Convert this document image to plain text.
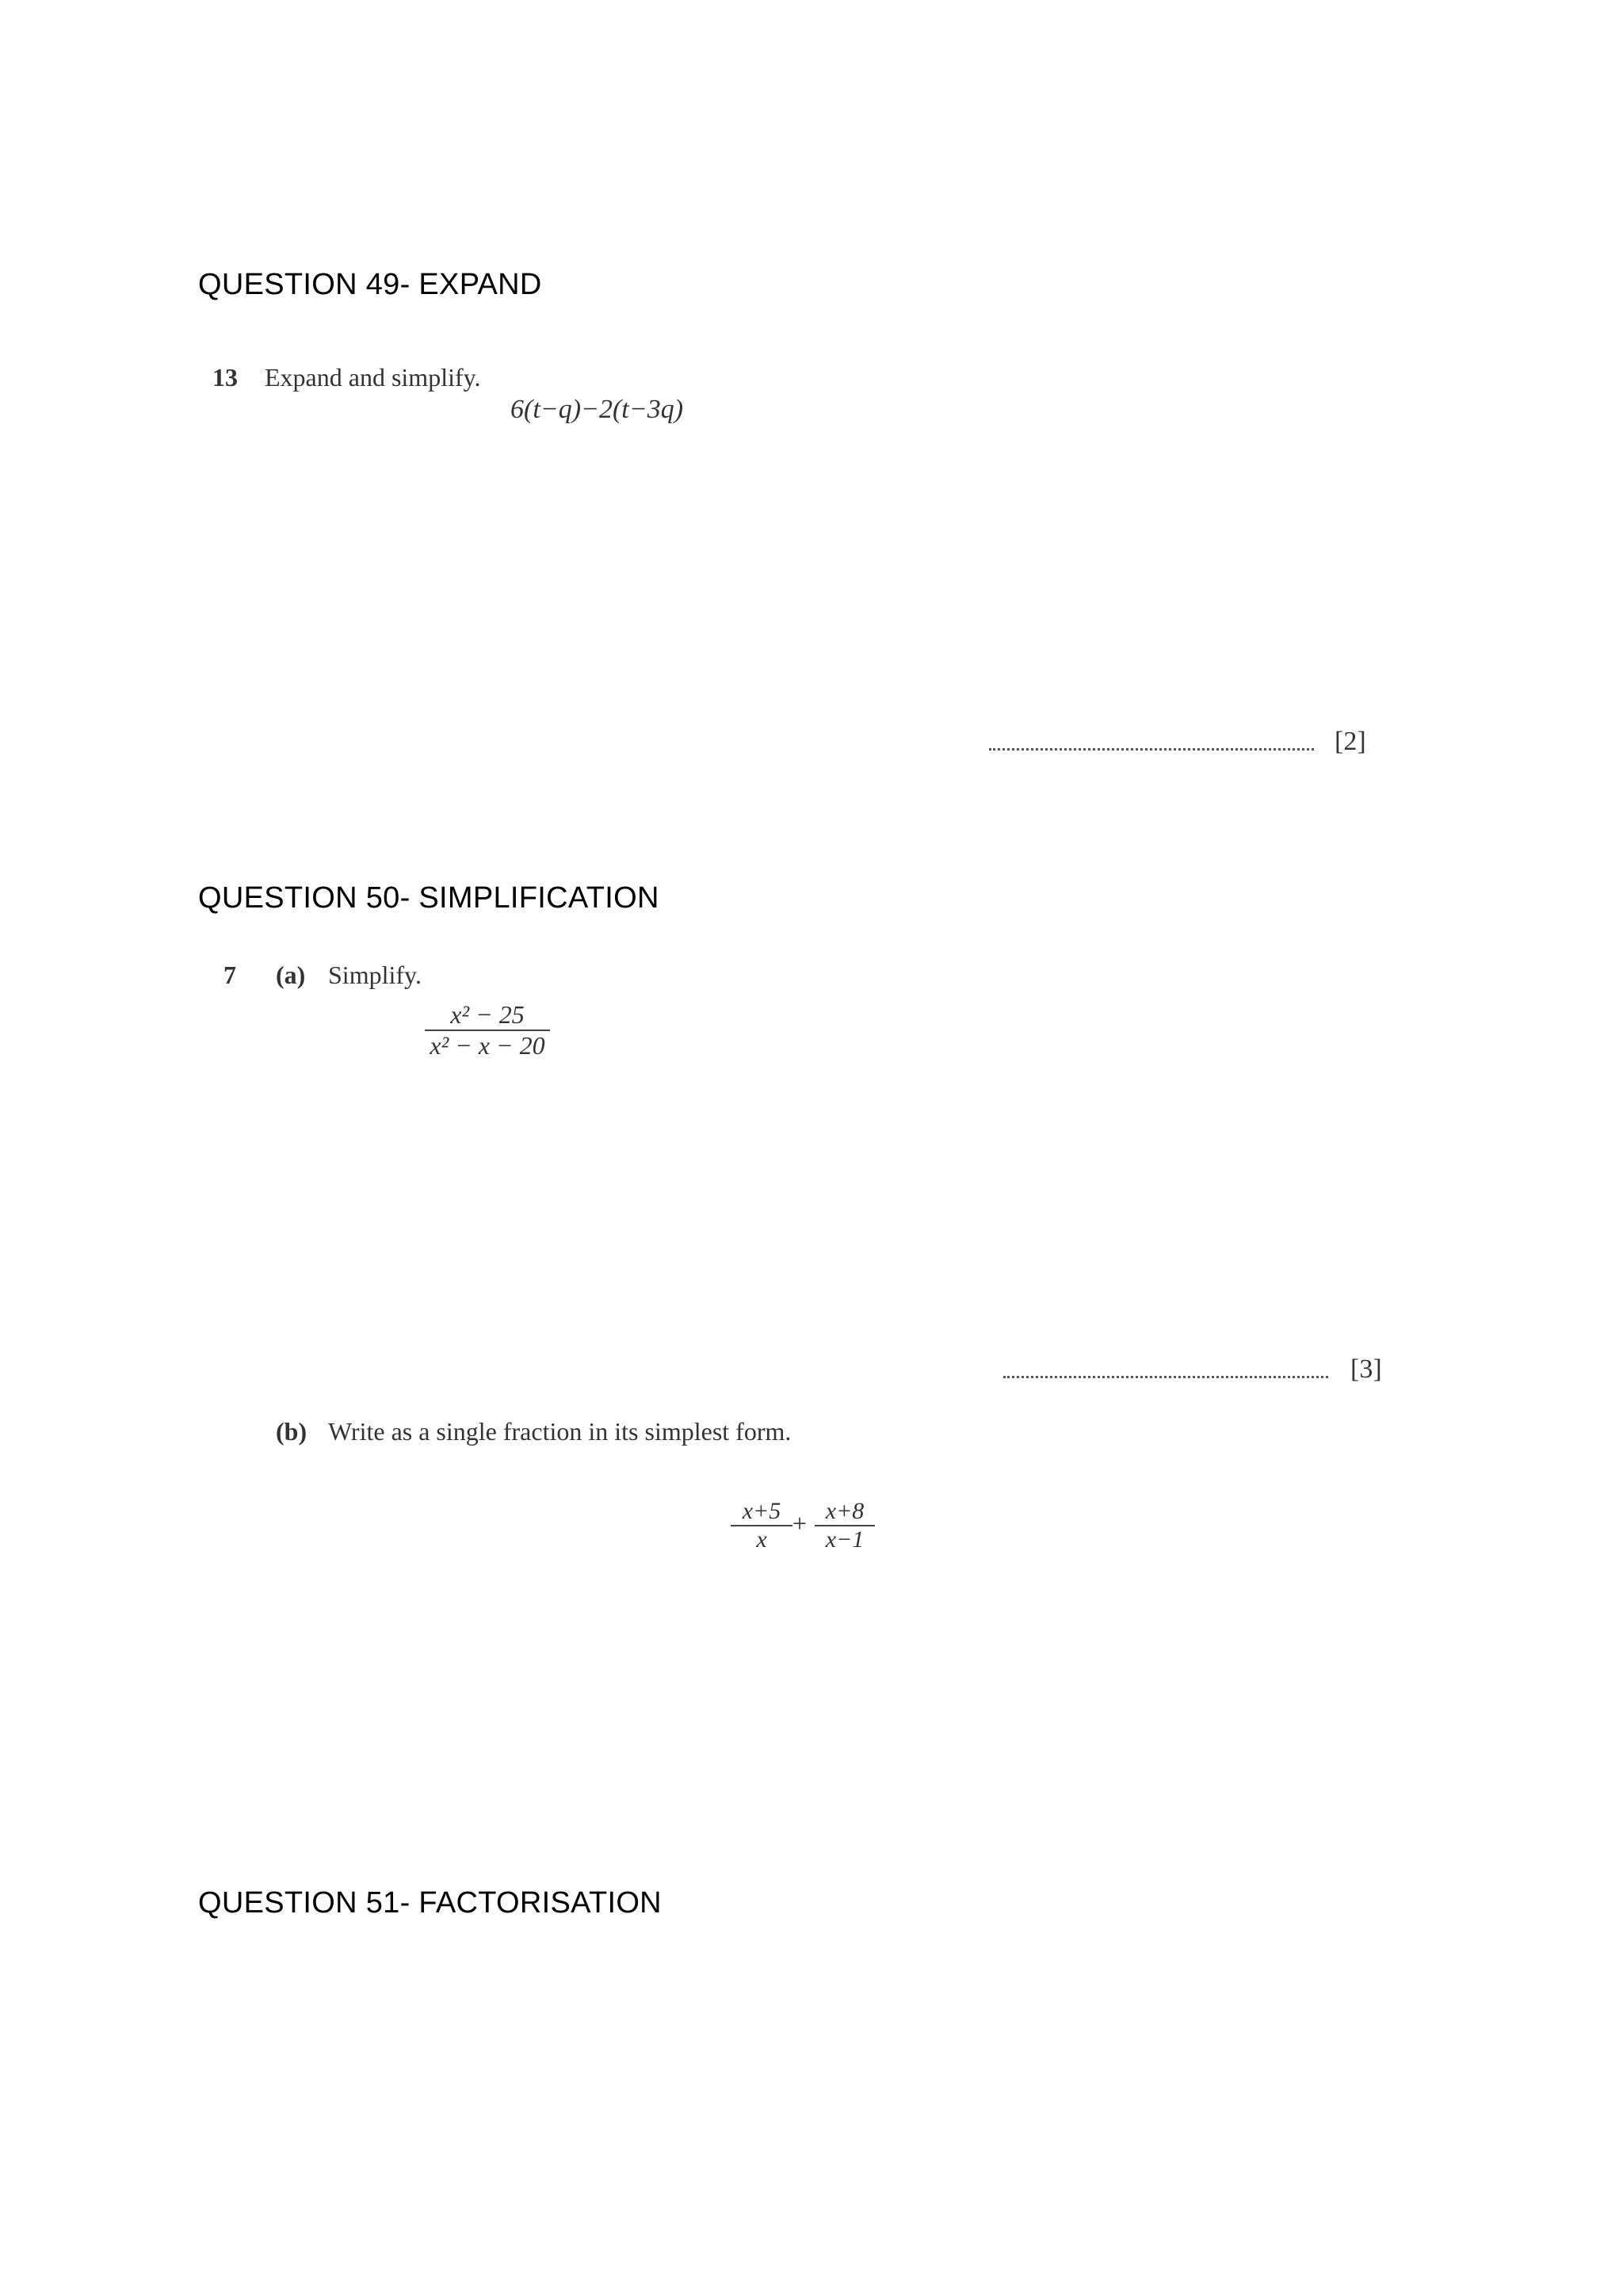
QUESTION 49- EXPAND
13 Expand and simplify.
6(t−q)−2(t−3q)
[2]
QUESTION 50- SIMPLIFICATION
7 (a) Simplify.
x² − 25
x² − x − 20
[3]
(b) Write as a single fraction in its simplest form.
x+5
x
+ x+8
x−1
QUESTION 51- FACTORISATION
